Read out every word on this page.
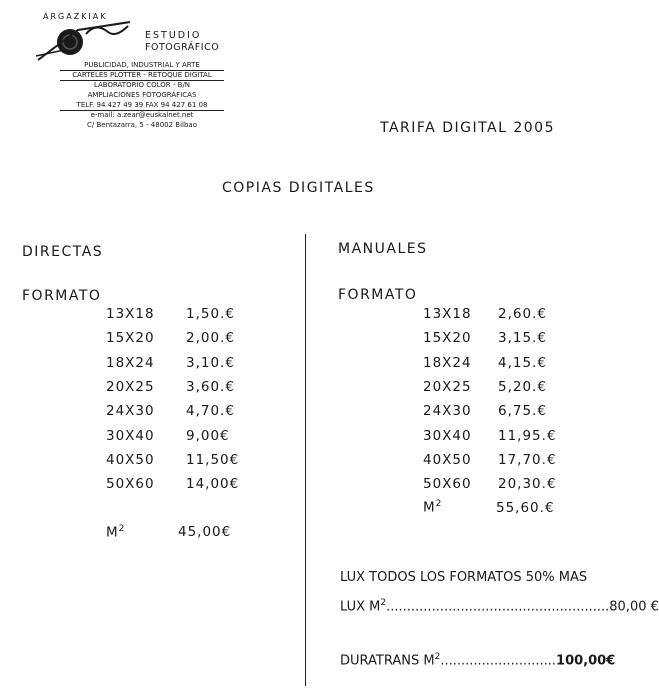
ARGAZKIAK
ESTUDIO
FOTOGRÁFICO
PUBLICIDAD, INDUSTRIAL Y ARTE
CARTELES PLOTTER - RETOQUE DIGITAL
LABORATORIO COLOR - B/N
AMPLIACIONES FOTOGRÁFICAS
TELF. 94 427 49 39 FAX 94 427 61 08
e-mail: a.zear@euskalnet.net
C/ Bentazarra, 5 - 48002 Bilbao	TARIFA DIGITAL 2005
COPIAS DIGITALES
DIRECTAS
FORMATO
13X18	1,50.€
15X20	2,00.€
18X24	3,10.€
20X25	3,60.€
24X30	4,70.€
30X40	9,00€
40X50	11,50€
50X60	14,00€
$M^2$	45,00€
MANUALES
FORMATO
13X18	2,60.€
15X20	3,15.€
18X24	4,15.€
20X25	5,20.€
24X30	6,75.€
30X40	11,95.€
40X50	17,70.€
50X60	20,30.€
$M^2$	55,60.€
LUX TODOS LOS FORMATOS 50% MAS
LUX $M^2......................................................80,00$ €
DURATRANS $M^2............................100,00€$
